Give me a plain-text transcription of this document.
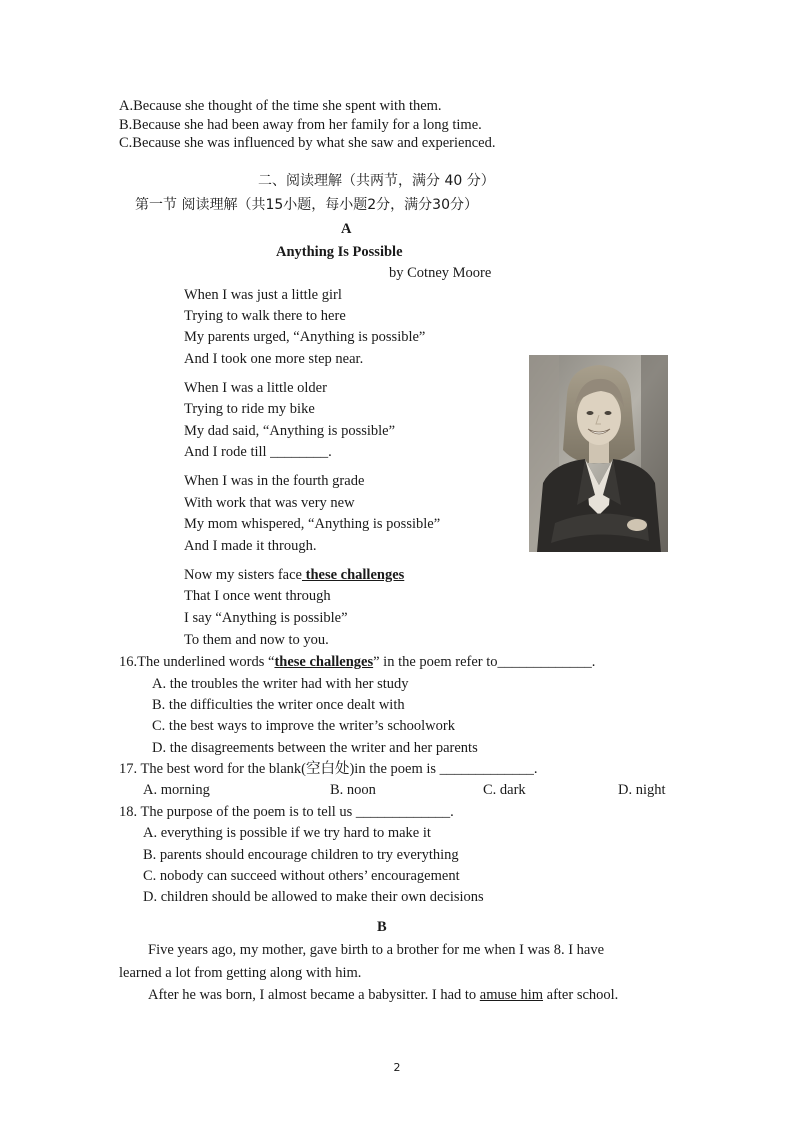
A.Because she thought of the time she spent with them.
B.Because she had been away from her family for a long time.
C.Because she was influenced by what she saw and experienced.
二、阅读理解（共两节，满分 40 分）
第一节 阅读理解（共15小题，每小题2分，满分30分）
A
Anything Is Possible
by Cotney Moore
When I was just a little girl
Trying to walk there to here
My parents urged, “Anything is possible”
And I took one more step near.
When I was a little older
Trying to ride my bike
My dad said, “Anything is possible”
And I rode till ________.
When I was in the fourth grade
With work that was very new
My mom whispered, “Anything is possible”
And I made it through.
Now my sisters face these challenges
That I once went through
I say “Anything is possible”
To them and now to you.
16.The underlined words “these challenges” in the poem refer to_____________.
A. the troubles the writer had with her study
B. the difficulties the writer once dealt with
C. the best ways to improve the writer’s schoolwork
D. the disagreements between the writer and her parents
17. The best word for the blank(空白处)in the poem is _____________.
A. morning	B. noon	C. dark	D. night
18. The purpose of the poem is to tell us _____________.
A. everything is possible if we try hard to make it
B. parents should encourage children to try everything
C. nobody can succeed without others’ encouragement
D. children should be allowed to make their own decisions
B
Five years ago, my mother, gave birth to a brother for me when I was 8. I have
learned a lot from getting along with him.
After he was born, I almost became a babysitter. I had to amuse him after school.
2
